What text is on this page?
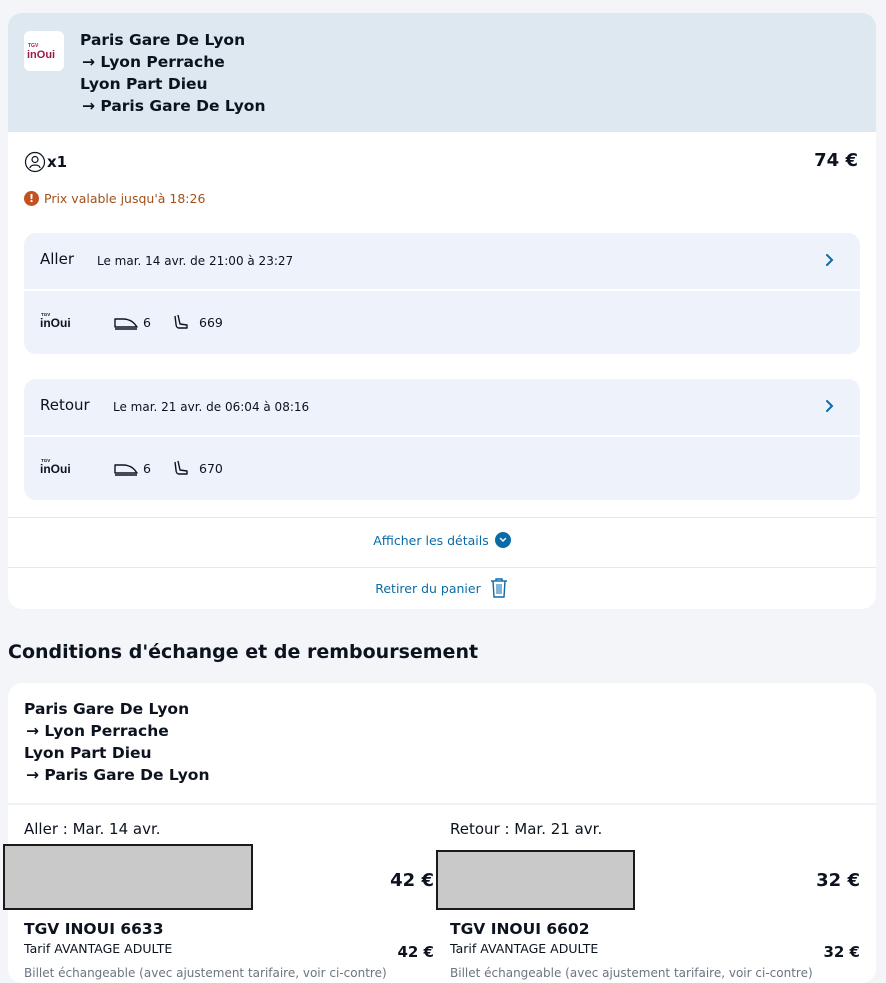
TGV
inOui
Paris Gare De Lyon
→ Lyon Perrache
Lyon Part Dieu
→ Paris Gare De Lyon
x1	74 €
! Prix valable jusqu'à 18:26
Aller Le mar. 14 avr. de 21:00 à 23:27
TGV
inOui	6	669
Retour Le mar. 21 avr. de 06:04 à 08:16
TGV
inOui	6	670
Afficher les détails
Retirer du panier
Conditions d'échange et de remboursement
Paris Gare De Lyon
→ Lyon Perrache
Lyon Part Dieu
→ Paris Gare De Lyon
Aller : Mar. 14 avr.
42 €
TGV INOUI 6633
Tarif AVANTAGE ADULTE	42 €
Billet échangeable (avec ajustement tarifaire, voir ci-contre)
Retour : Mar. 21 avr.
32 €
TGV INOUI 6602
Tarif AVANTAGE ADULTE	32 €
Billet échangeable (avec ajustement tarifaire, voir ci-contre)
